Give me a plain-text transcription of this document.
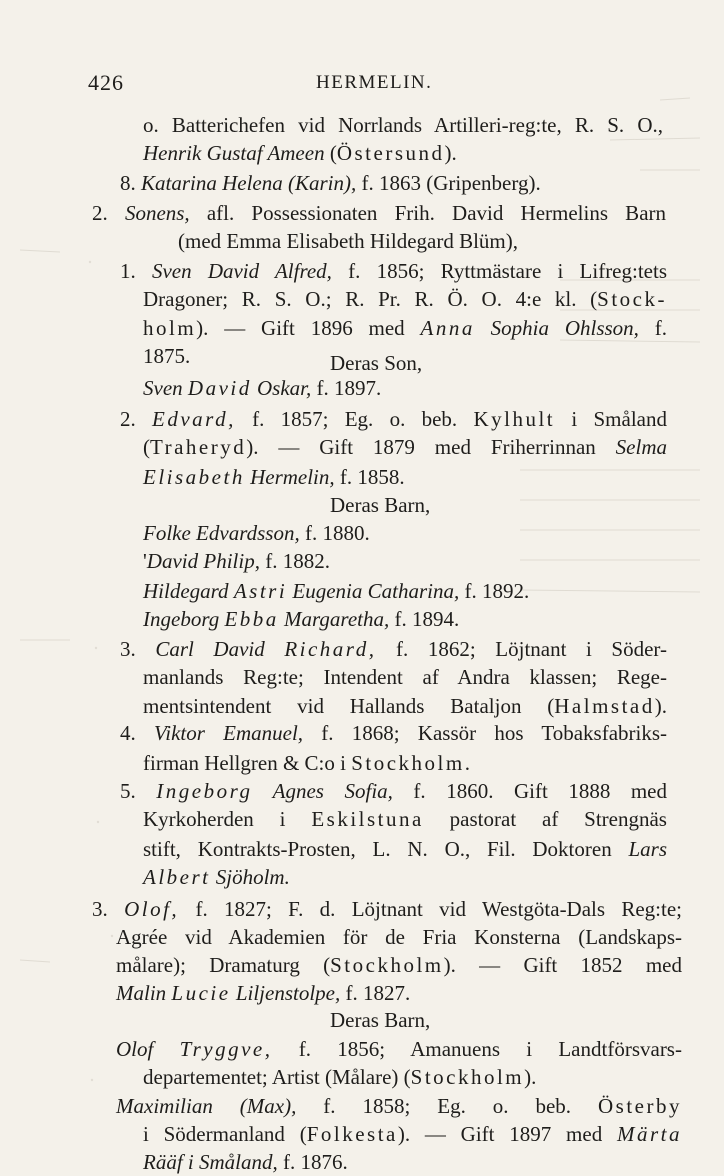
426	HERMELIN.
o. Batterichefen vid Norrlands Artilleri-reg:te, R. S. O.,
Henrik Gustaf Ameen (Östersund).
8. Katarina Helena (Karin), f. 1863 (Gripenberg).
2. Sonens, afl. Possessionaten Frih. David Hermelins Barn
(med Emma Elisabeth Hildegard Blüm),
1. Sven David Alfred, f. 1856; Ryttmästare i Lifreg:tets
Dragoner; R. S. O.; R. Pr. R. Ö. O. 4:e kl. (Stock-
holm). — Gift 1896 med Anna Sophia Ohlsson, f.
1875.	Deras Son,
Sven David Oskar, f. 1897.
2. Edvard, f. 1857; Eg. o. beb. Kylhult i Småland
(Traheryd). — Gift 1879 med Friherrinnan Selma
Elisabeth Hermelin, f. 1858.
Deras Barn,
Folke Edvardsson, f. 1880.
'David Philip, f. 1882.
Hildegard Astri Eugenia Catharina, f. 1892.
Ingeborg Ebba Margaretha, f. 1894.
3. Carl David Richard, f. 1862; Löjtnant i Söder-
manlands Reg:te; Intendent af Andra klassen; Rege-
mentsintendent vid Hallands Bataljon (Halmstad).
4. Viktor Emanuel, f. 1868; Kassör hos Tobaksfabriks-
firman Hellgren & C:o i Stockholm.
5. Ingeborg Agnes Sofia, f. 1860. Gift 1888 med
Kyrkoherden i Eskilstuna pastorat af Strengnäs
stift, Kontrakts-Prosten, L. N. O., Fil. Doktoren Lars
Albert Sjöholm.
3. Olof, f. 1827; F. d. Löjtnant vid Westgöta-Dals Reg:te;
Agrée vid Akademien för de Fria Konsterna (Landskaps-
målare); Dramaturg (Stockholm). — Gift 1852 med
Malin Lucie Liljenstolpe, f. 1827.
Deras Barn,
Olof Tryggve, f. 1856; Amanuens i Landtförsvars-
departementet; Artist (Målare) (Stockholm).
Maximilian (Max), f. 1858; Eg. o. beb. Österby
i Södermanland (Folkesta). — Gift 1897 med Märta
Rääf i Småland, f. 1876.
